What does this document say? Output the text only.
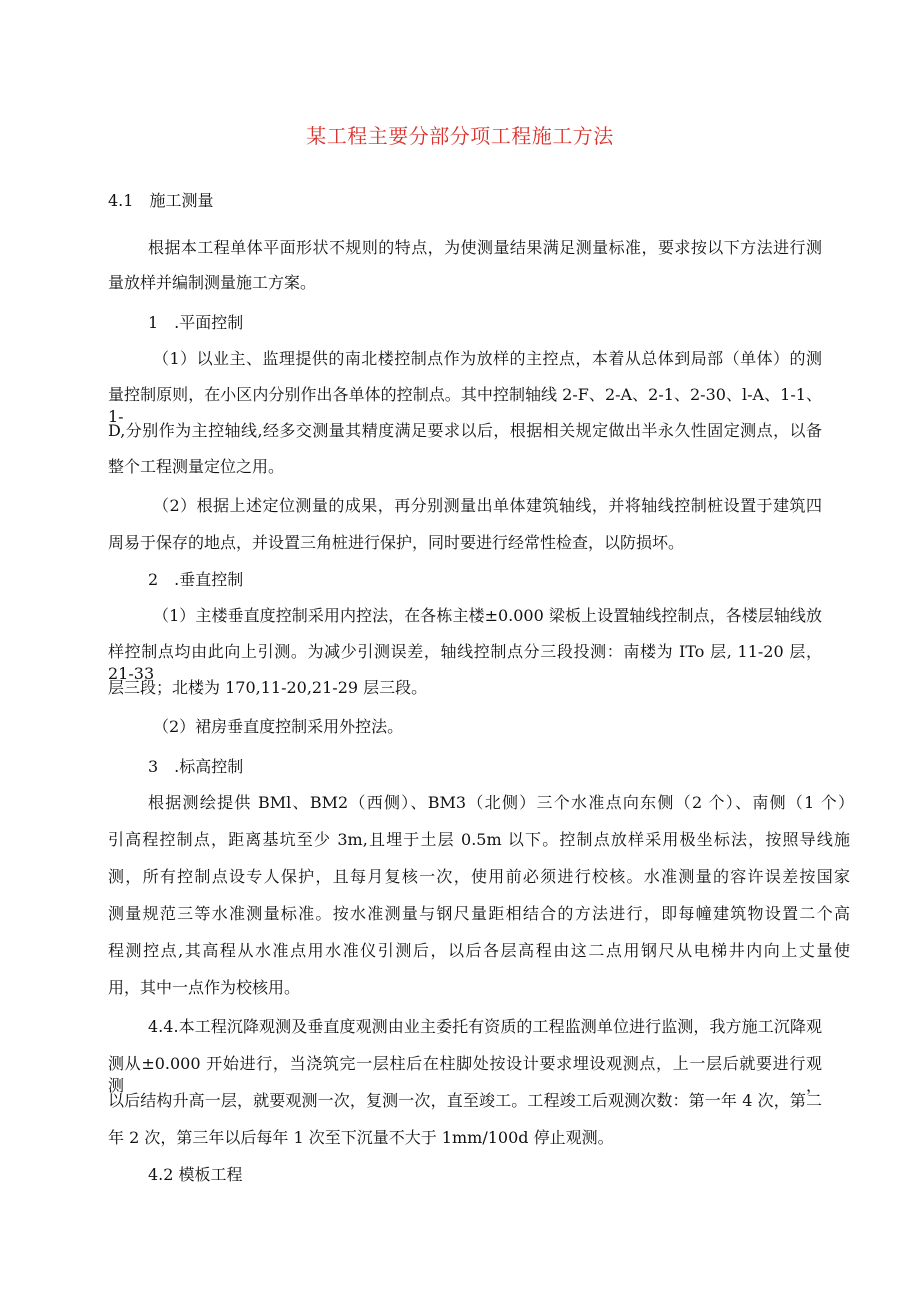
某工程主要分部分项工程施工方法
4.1　施工测量
根据本工程单体平面形状不规则的特点，为使测量结果满足测量标准，要求按以下方法进行测
量放样并编制测量施工方案。
1　.平面控制
（1）以业主、监理提供的南北楼控制点作为放样的主控点，本着从总体到局部（单体）的测
量控制原则，在小区内分别作出各单体的控制点。其中控制轴线 2-F、2-A、2-1、2-30、l-A、1-1、1-
D,分别作为主控轴线,经多交测量其精度满足要求以后，根据相关规定做出半永久性固定测点，以备
整个工程测量定位之用。
（2）根据上述定位测量的成果，再分别测量出单体建筑轴线，并将轴线控制桩设置于建筑四
周易于保存的地点，并设置三角桩进行保护，同时要进行经常性检查，以防损坏。
2　.垂直控制
（1）主楼垂直度控制采用内控法，在各栋主楼±0.000 梁板上设置轴线控制点，各楼层轴线放
样控制点均由此向上引测。为减少引测误差，轴线控制点分三段投测：南楼为 ITo 层, 11-20 层，21-33
层三段；北楼为 170,11-20,21-29 层三段。
（2）裙房垂直度控制采用外控法。
3　.标高控制
根据测绘提供 BMl、BM2（西侧）、BM3（北侧）三个水准点向东侧（2 个）、南侧（1 个）
引高程控制点，距离基坑至少 3m,且埋于土层 0.5m 以下。控制点放样采用极坐标法，按照导线施
测，所有控制点设专人保护，且每月复核一次，使用前必须进行校核。水准测量的容许误差按国家
测量规范三等水准测量标准。按水准测量与钢尺量距相结合的方法进行，即每幢建筑物设置二个高
程测控点,其高程从水准点用水准仪引测后，以后各层高程由这二点用钢尺从电梯井内向上丈量使
用，其中一点作为校核用。
4.4.本工程沉降观测及垂直度观测由业主委托有资质的工程监测单位进行监测，我方施工沉降观
测从±0.000 开始进行，当浇筑完一层柱后在柱脚处按设计要求埋设观测点，上一层后就要进行观测，
以后结构升高一层，就要观测一次，复测一次，直至竣工。工程竣工后观测次数：第一年 4 次，第二
年 2 次，第三年以后每年 1 次至下沉量不大于 1mm∕100d 停止观测。
4.2 模板工程
